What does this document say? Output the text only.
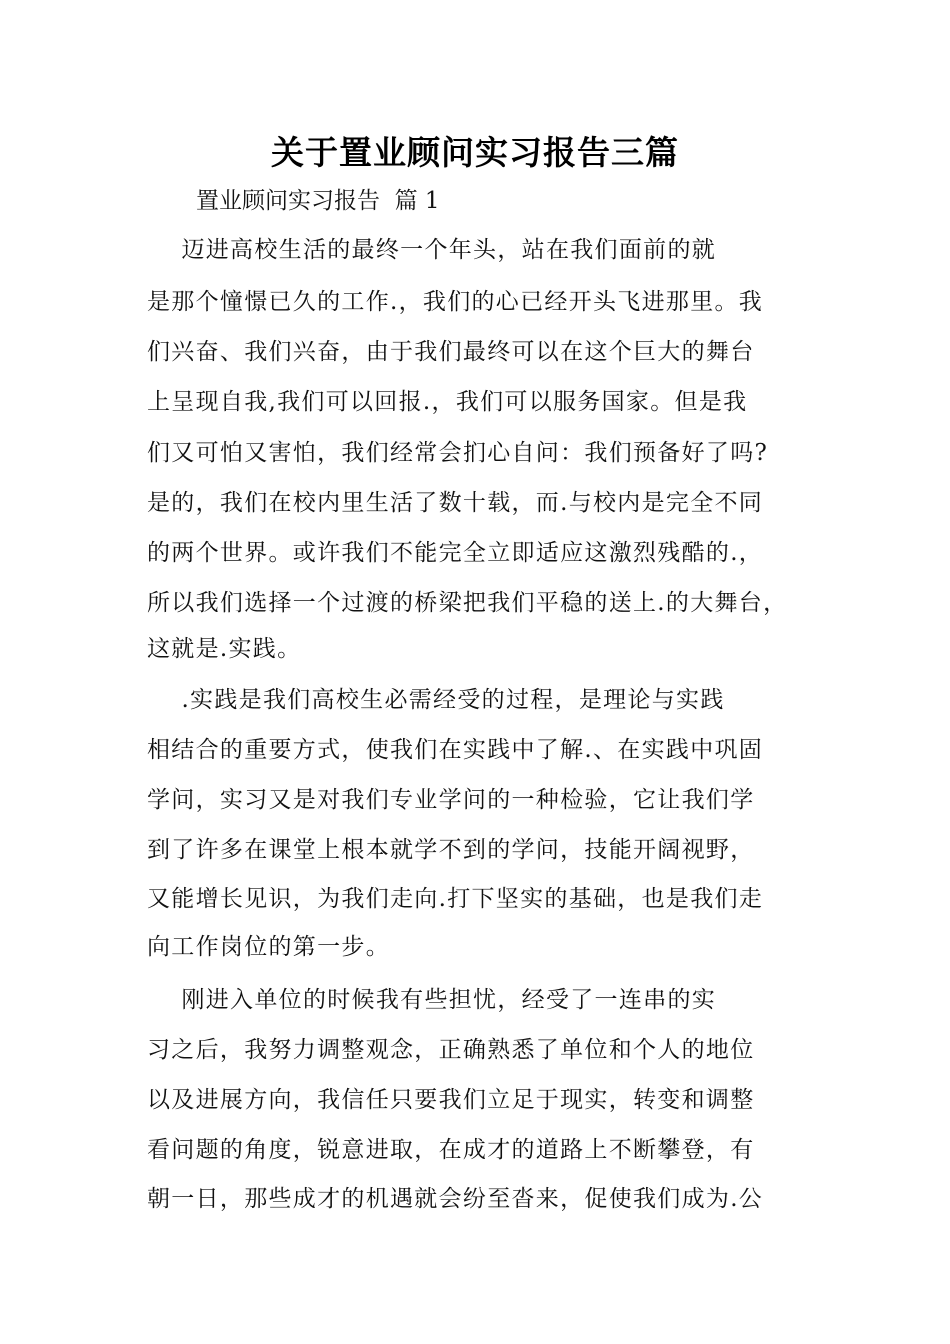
关于置业顾问实习报告三篇
置业顾问实习报告  篇 1
迈进高校生活的最终一个年头，站在我们面前的就
是那个憧憬已久的工作.，我们的心已经开头飞进那里。我
们兴奋、我们兴奋，由于我们最终可以在这个巨大的舞台
上呈现自我,我们可以回报.，我们可以服务国家。但是我
们又可怕又害怕，我们经常会扪心自问：我们预备好了吗?
是的，我们在校内里生活了数十载，而.与校内是完全不同
的两个世界。或许我们不能完全立即适应这激烈残酷的.，
所以我们选择一个过渡的桥梁把我们平稳的送上.的大舞台，
这就是.实践。
.实践是我们高校生必需经受的过程，是理论与实践
相结合的重要方式，使我们在实践中了解.、在实践中巩固
学问，实习又是对我们专业学问的一种检验，它让我们学
到了许多在课堂上根本就学不到的学问，技能开阔视野，
又能增长见识，为我们走向.打下坚实的基础，也是我们走
向工作岗位的第一步。
刚进入单位的时候我有些担忧，经受了一连串的实
习之后，我努力调整观念，正确熟悉了单位和个人的地位
以及进展方向，我信任只要我们立足于现实，转变和调整
看问题的角度，锐意进取，在成才的道路上不断攀登，有
朝一日，那些成才的机遇就会纷至沓来，促使我们成为.公
